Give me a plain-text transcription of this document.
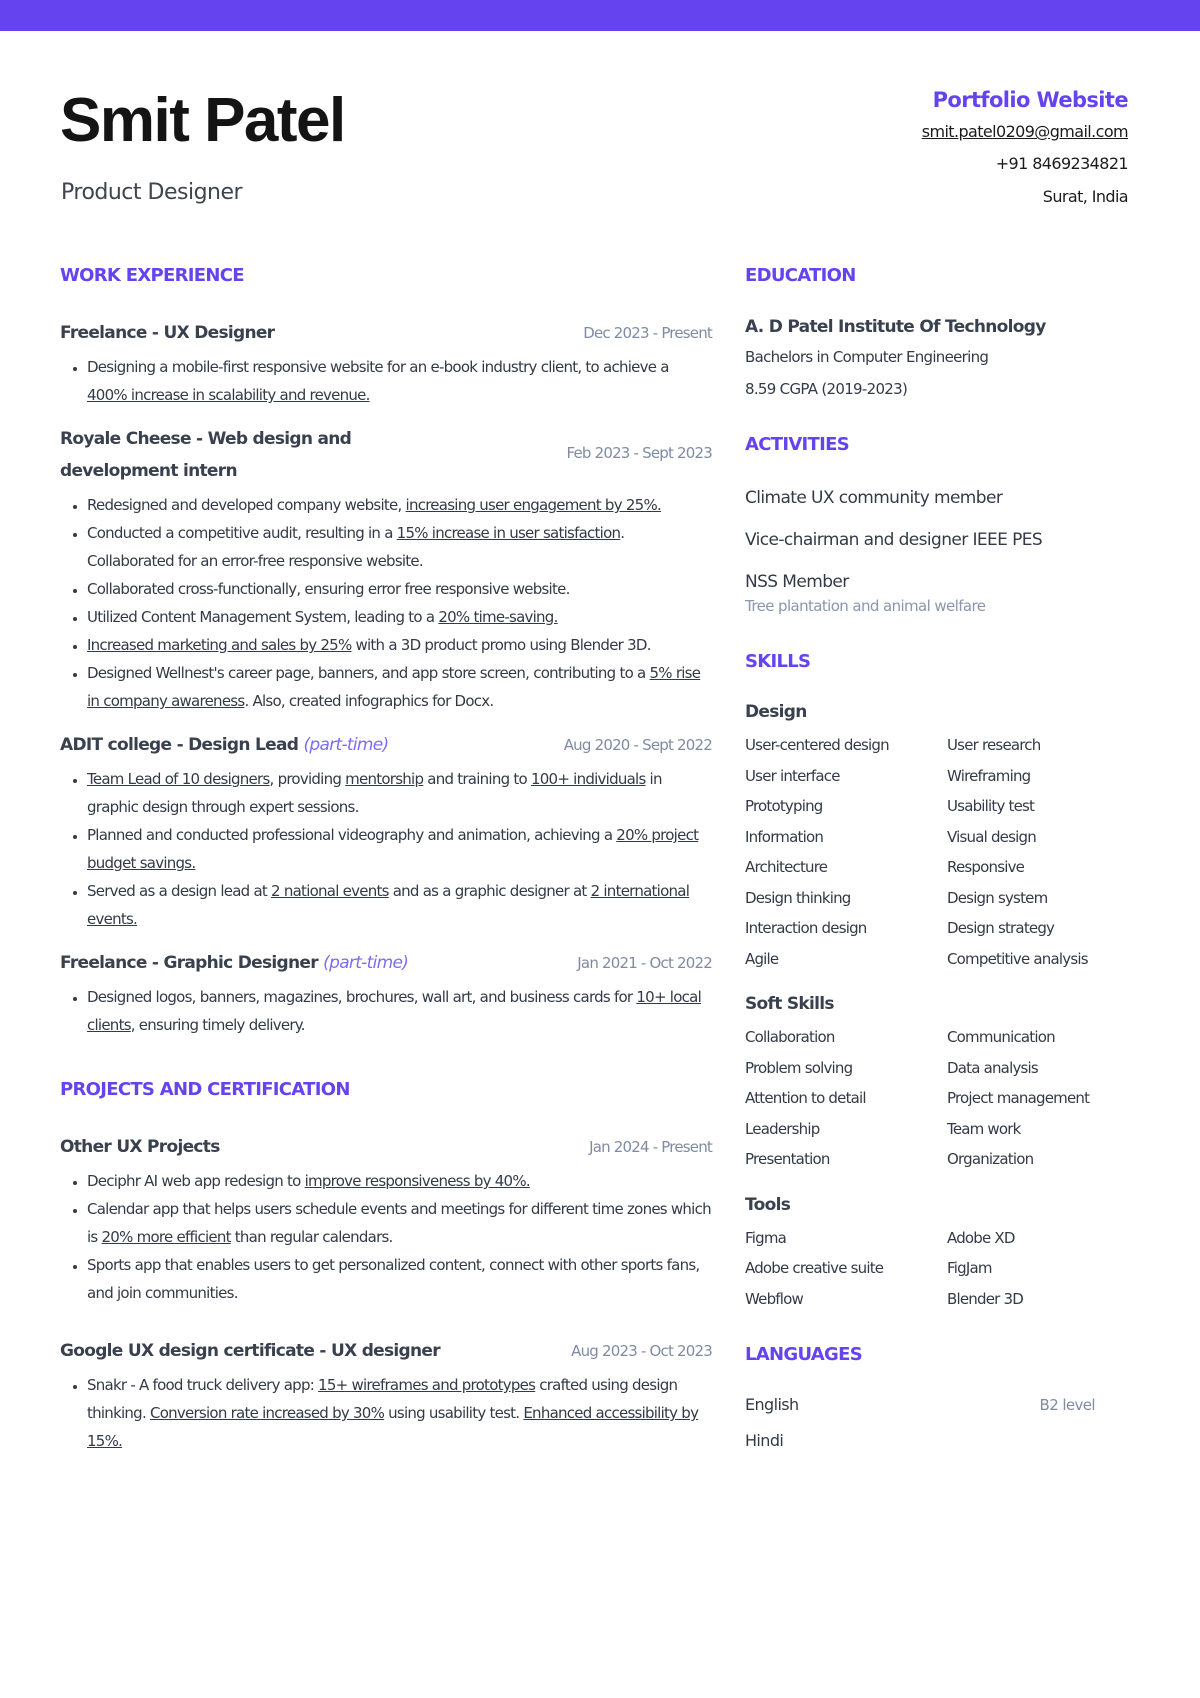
Smit Patel
Product Designer
Portfolio Website
smit.patel0209@gmail.com
+91 8469234821
Surat, India
WORK EXPERIENCE
Freelance - UX Designer	Dec 2023 - Present
• Designing a mobile-first responsive website for an e-book industry client, to achieve a 400% increase in scalability and revenue.
Royale Cheese - Web design and development intern
Feb 2023 - Sept 2023
• Redesigned and developed company website, increasing user engagement by 25%.
• Conducted a competitive audit, resulting in a 15% increase in user satisfaction. Collaborated for an error-free responsive website.
• Collaborated cross-functionally, ensuring error free responsive website.
• Utilized Content Management System, leading to a 20% time-saving.
• Increased marketing and sales by 25% with a 3D product promo using Blender 3D.
• Designed Wellnest's career page, banners, and app store screen, contributing to a 5% rise in company awareness. Also, created infographics for Docx.
ADIT college - Design Lead (part-time)	Aug 2020 - Sept 2022
• Team Lead of 10 designers, providing mentorship and training to 100+ individuals in graphic design through expert sessions.
• Planned and conducted professional videography and animation, achieving a 20% project budget savings.
• Served as a design lead at 2 national events and as a graphic designer at 2 international events.
Freelance - Graphic Designer (part-time)	Jan 2021 - Oct 2022
• Designed logos, banners, magazines, brochures, wall art, and business cards for 10+ local clients, ensuring timely delivery.
PROJECTS AND CERTIFICATION
Other UX Projects	Jan 2024 - Present
• Deciphr AI web app redesign to improve responsiveness by 40%.
• Calendar app that helps users schedule events and meetings for different time zones which is 20% more efficient than regular calendars.
• Sports app that enables users to get personalized content, connect with other sports fans, and join communities.
Google UX design certificate - UX designer	Aug 2023 - Oct 2023
• Snakr - A food truck delivery app: 15+ wireframes and prototypes crafted using design thinking. Conversion rate increased by 30% using usability test. Enhanced accessibility by 15%.
EDUCATION
A. D Patel Institute Of Technology
Bachelors in Computer Engineering
8.59 CGPA (2019-2023)
ACTIVITIES
Climate UX community member
Vice-chairman and designer IEEE PES
NSS Member
Tree plantation and animal welfare
SKILLS
Design
User-centered design	User research
User interface	Wireframing
Prototyping	Usability test
Information	Visual design
Architecture	Responsive
Design thinking	Design system
Interaction design	Design strategy
Agile	Competitive analysis
Soft Skills
Collaboration	Communication
Problem solving	Data analysis
Attention to detail	Project management
Leadership	Team work
Presentation	Organization
Tools
Figma	Adobe XD
Adobe creative suite	FigJam
Webflow	Blender 3D
LANGUAGES
English	B2 level
Hindi
